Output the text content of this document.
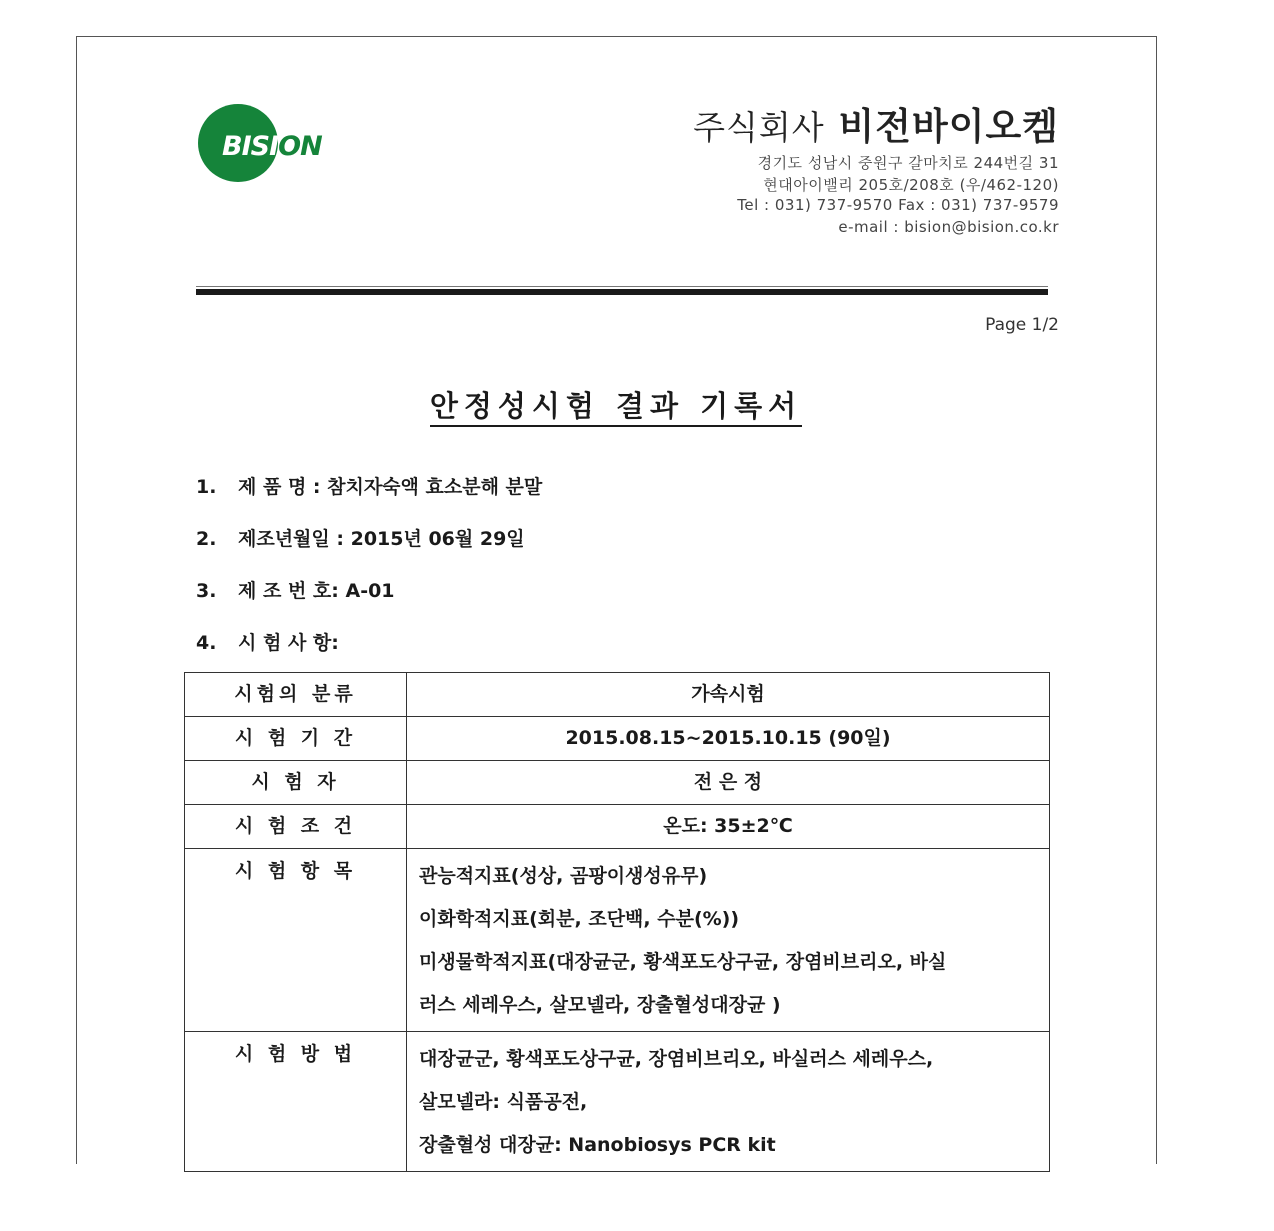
BISION	주식회사 비전바이오켐
경기도 성남시 중원구 갈마치로 244번길 31
현대아이밸리 205호/208호 (우/462-120)
Tel : 031) 737-9570 Fax : 031) 737-9579
e-mail : bision@bision.co.kr
Page 1/2
안정성시험 결과 기록서
1. 제 품 명 : 참치자숙액 효소분해 분말
2. 제조년월일 : 2015년 06월 29일
3. 제 조 번 호: A-01
4. 시 험 사 항:
시험의 분류	가속시험
시 험 기 간	2015.08.15~2015.10.15 (90일)
시 험 자	전 은 정
시 험 조 건	온도: 35±2℃
시 험 항 목	관능적지표(성상, 곰팡이생성유무)
이화학적지표(회분, 조단백, 수분(%))
미생물학적지표(대장균군, 황색포도상구균, 장염비브리오, 바실
러스 세레우스, 살모넬라, 장출혈성대장균 )
시 험 방 법	대장균군, 황색포도상구균, 장염비브리오, 바실러스 세레우스,
살모넬라: 식품공전,
장출혈성 대장균: Nanobiosys PCR kit
